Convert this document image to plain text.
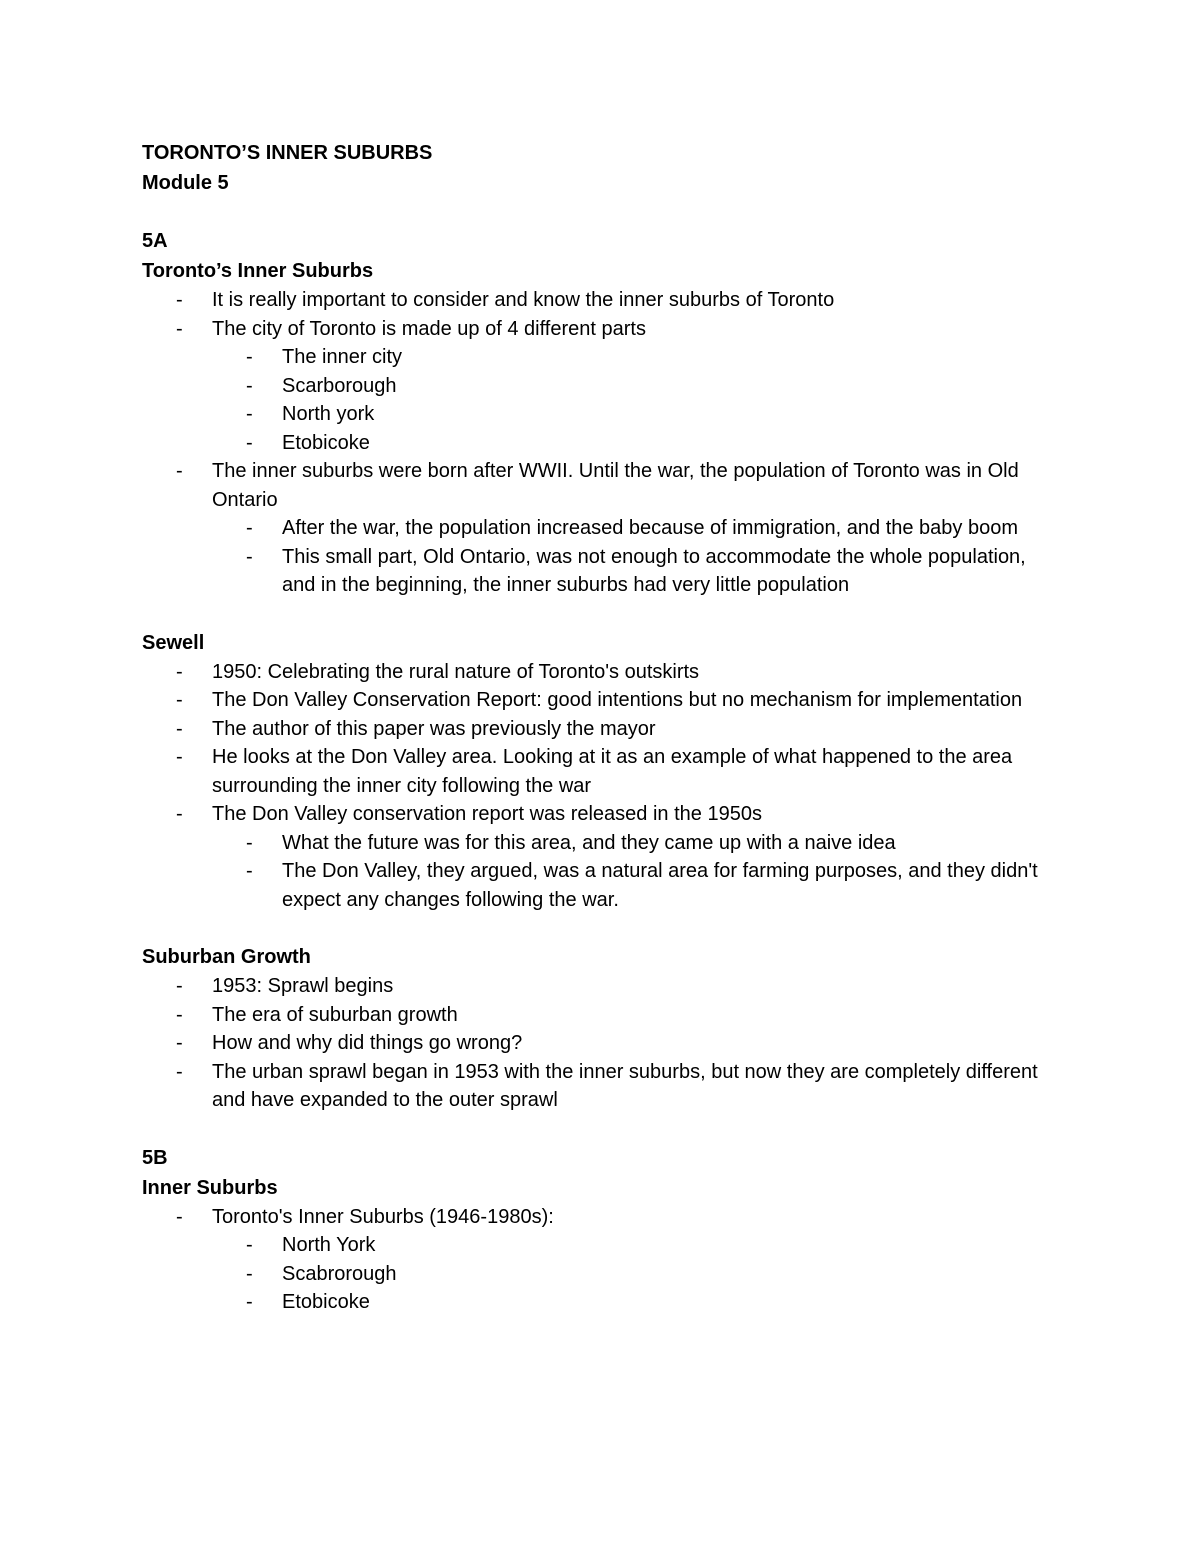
TORONTO’S INNER SUBURBS
Module 5
5A
Toronto’s Inner Suburbs
- It is really important to consider and know the inner suburbs of Toronto
- The city of Toronto is made up of 4 different parts
- The inner city
- Scarborough
- North york
- Etobicoke
- The inner suburbs were born after WWII. Until the war, the population of Toronto was in Old Ontario
- After the war, the population increased because of immigration, and the baby boom
- This small part, Old Ontario, was not enough to accommodate the whole population, and in the beginning, the inner suburbs had very little population
Sewell
- 1950: Celebrating the rural nature of Toronto's outskirts
- The Don Valley Conservation Report: good intentions but no mechanism for implementation
- The author of this paper was previously the mayor
- He looks at the Don Valley area. Looking at it as an example of what happened to the area surrounding the inner city following the war
- The Don Valley conservation report was released in the 1950s
- What the future was for this area, and they came up with a naive idea
- The Don Valley, they argued, was a natural area for farming purposes, and they didn't expect any changes following the war.
Suburban Growth
- 1953: Sprawl begins
- The era of suburban growth
- How and why did things go wrong?
- The urban sprawl began in 1953 with the inner suburbs, but now they are completely different and have expanded to the outer sprawl
5B
Inner Suburbs
- Toronto's Inner Suburbs (1946-1980s):
- North York
- Scabrorough
- Etobicoke
